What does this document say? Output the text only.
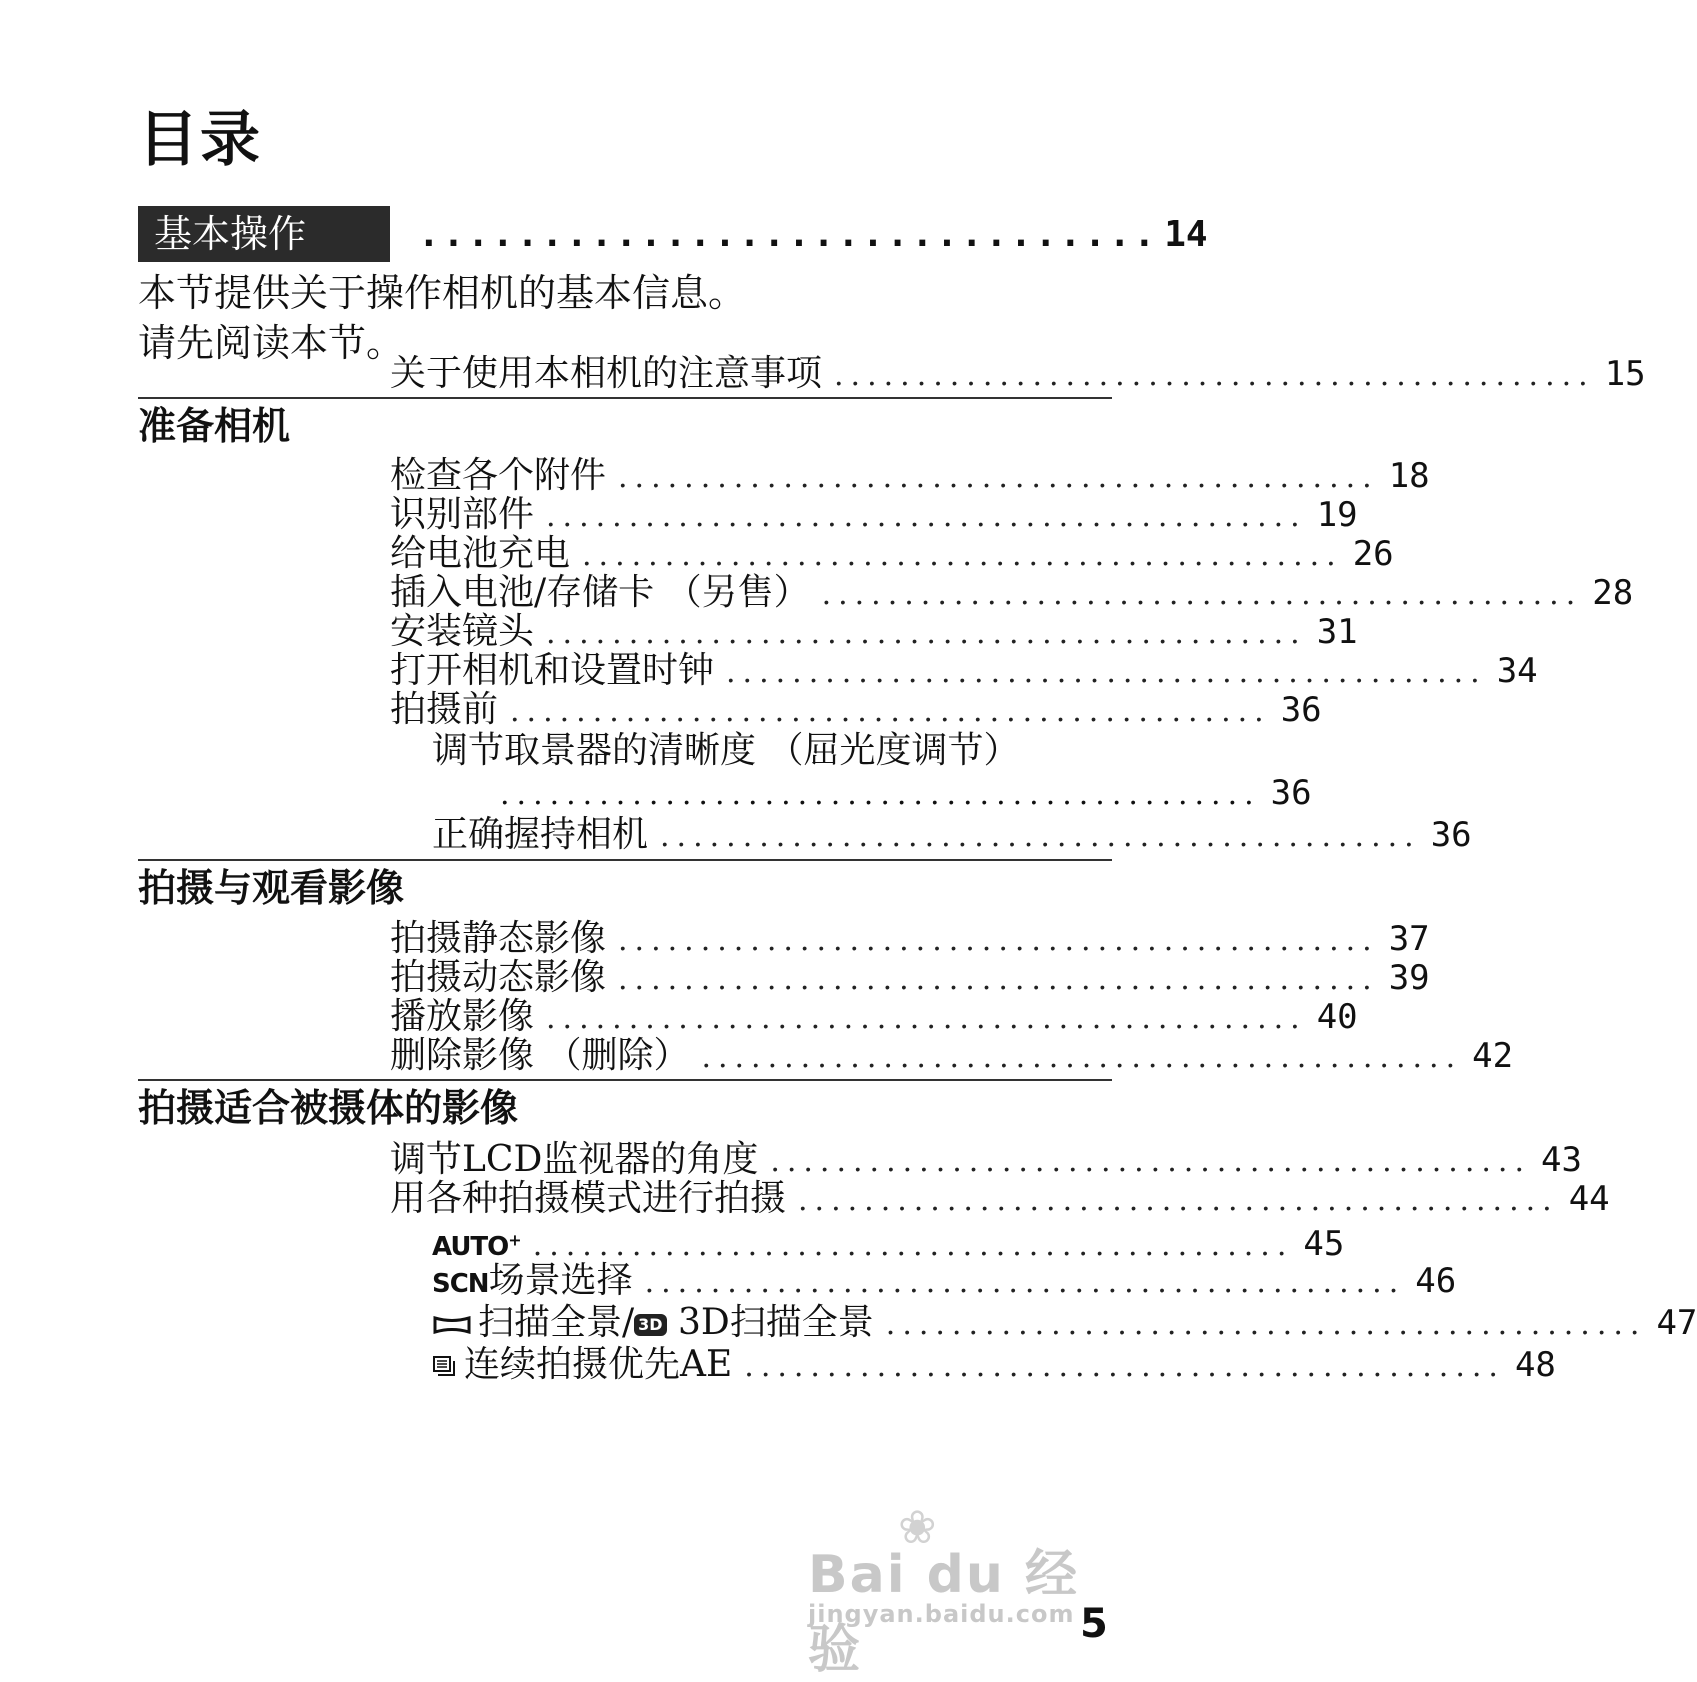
目录
基本操作	.............................. 14
本节提供关于操作相机的基本信息。
请先阅读本节。
关于使用本相机的注意事项 .............................................. 15
准备相机
检查各个附件 .............................................. 18
识别部件 .............................................. 19
给电池充电 .............................................. 26
插入电池/存储卡 （另售） .............................................. 28
安装镜头 .............................................. 31
打开相机和设置时钟 .............................................. 34
拍摄前 .............................................. 36
调节取景器的清晰度 （屈光度调节）
.............................................. 36
正确握持相机 .............................................. 36
拍摄与观看影像
拍摄静态影像 .............................................. 37
拍摄动态影像 .............................................. 39
播放影像 .............................................. 40
删除影像 （删除） .............................................. 42
拍摄适合被摄体的影像
调节LCD监视器的角度 .............................................. 43
用各种拍摄模式进行拍摄 .............................................. 44
AUTO+ .............................................. 45
SCN场景选择 .............................................. 46
扫描全景/ 3D 3D扫描全景 .............................................. 47
连续拍摄优先AE .............................................. 48
❀
Bai du 经验
jingyan.baidu.com 5
